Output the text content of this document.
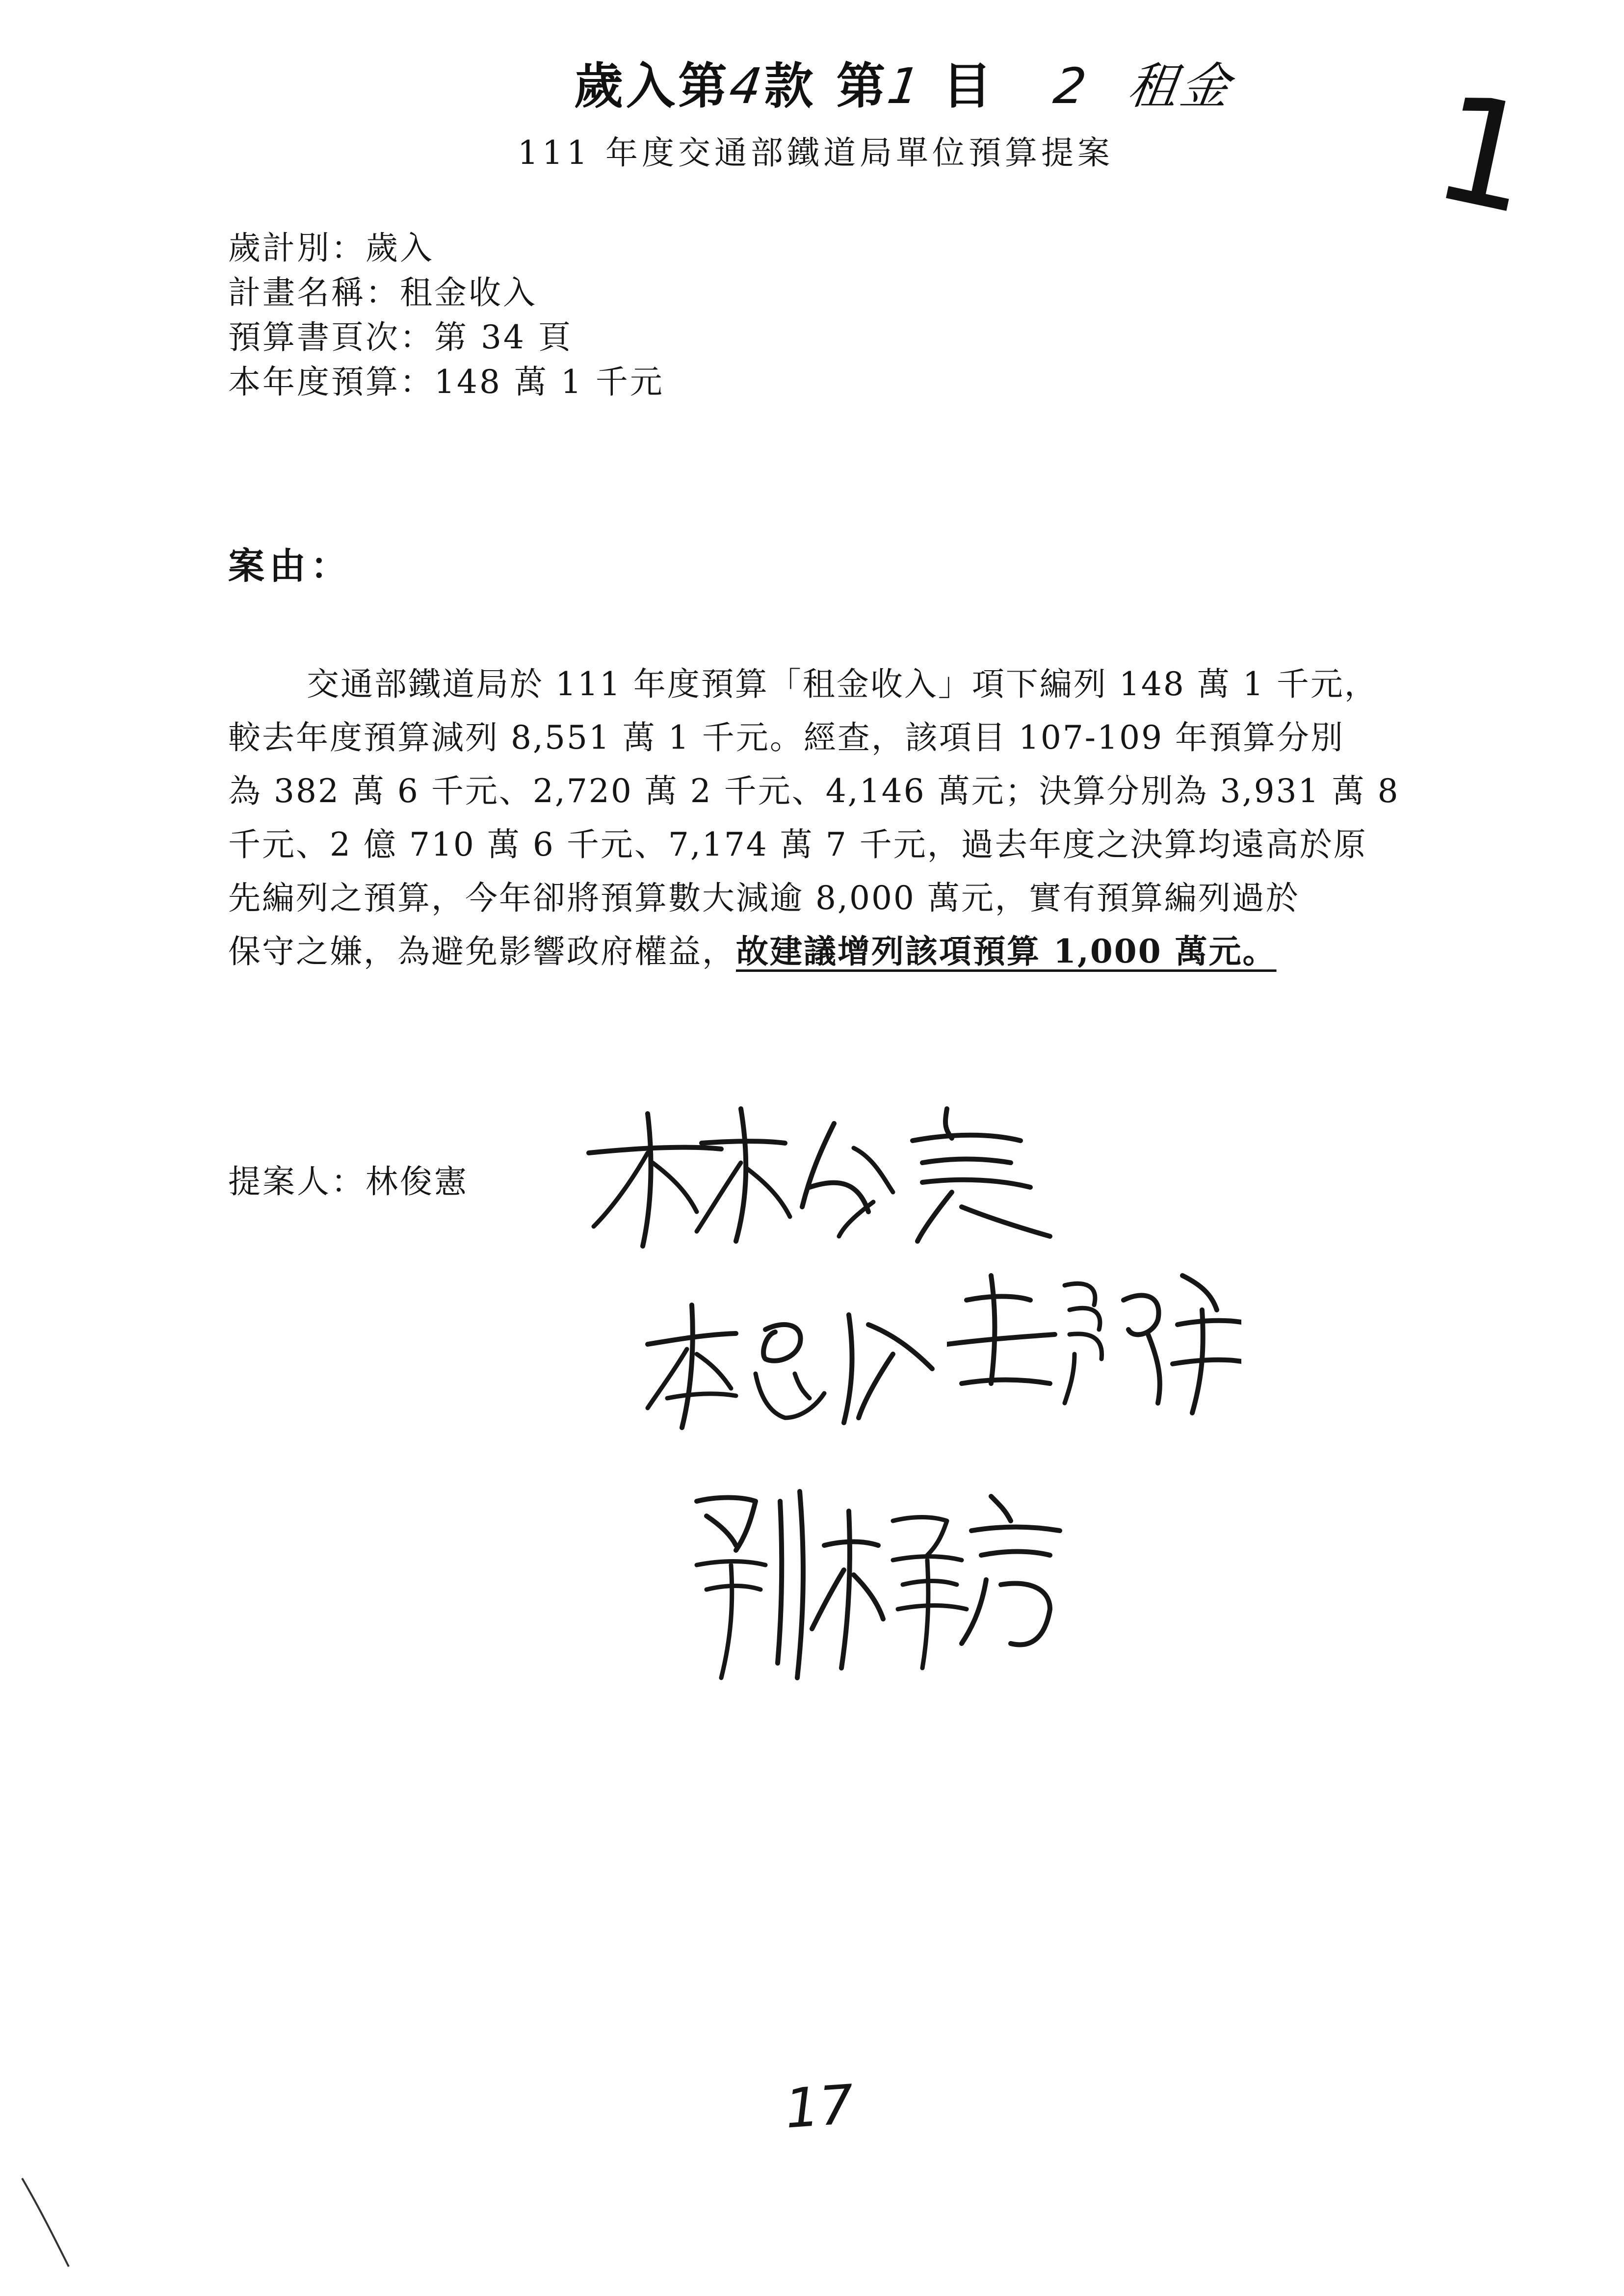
歲入第4款 第1 目 2 租金 1
111 年度交通部鐵道局單位預算提案
歲計別：歲入
計畫名稱：租金收入
預算書頁次：第 34 頁
本年度預算：148 萬 1 千元
案由：
交通部鐵道局於 111 年度預算「租金收入」項下編列 148 萬 1 千元，
較去年度預算減列 8,551 萬 1 千元。經查，該項目 107-109 年預算分別
為 382 萬 6 千元、2,720 萬 2 千元、4,146 萬元；決算分別為 3,931 萬 8
千元、2 億 710 萬 6 千元、7,174 萬 7 千元，過去年度之決算均遠高於原
先編列之預算，今年卻將預算數大減逾 8,000 萬元，實有預算編列過於
保守之嫌，為避免影響政府權益，故建議增列該項預算 1,000 萬元。
提案人：林俊憲
17
